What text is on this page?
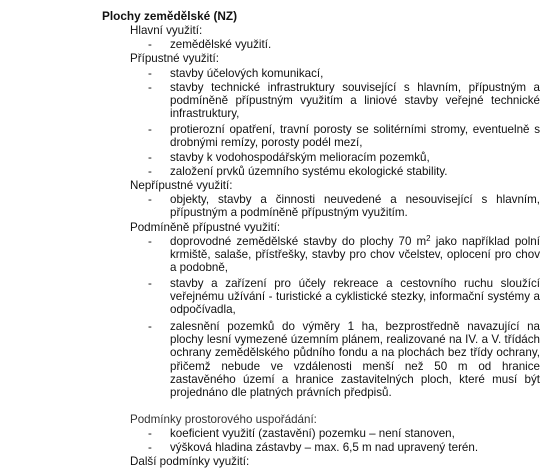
Plochy zemědělské (NZ)
Hlavní využití:
- zemědělské využití.
Přípustné využití:
- stavby účelových komunikací,
- stavby technické infrastruktury související s hlavním, přípustným a podmíněně přípustným využitím a liniové stavby veřejné technické infrastruktury,
- protierozní opatření, travní porosty se solitérními stromy, eventuelně s drobnými remízy, porosty podél mezí,
- stavby k vodohospodářským melioracím pozemků,
- založení prvků územního systému ekologické stability.
Nepřípustné využití:
- objekty, stavby a činnosti neuvedené a nesouvisející s hlavním, přípustným a podmíněně přípustným využitím.
Podmíněně přípustné využití:
- doprovodné zemědělské stavby do plochy 70 $m^2$ jako například polní krmiště, salaše, přístřešky, stavby pro chov včelstev, oplocení pro chov a podobně,
- stavby a zařízení pro účely rekreace a cestovního ruchu sloužící veřejnému užívání - turistické a cyklistické stezky, informační systémy a odpočívadla,
- zalesnění pozemků do výměry 1 ha, bezprostředně navazující na plochy lesní vymezené územním plánem, realizované na IV. a V. třídách ochrany zemědělského půdního fondu a na plochách bez třídy ochrany, přičemž nebude ve vzdálenosti menší než 50 m od hranice zastavěného území a hranice zastavitelných ploch, které musí být projednáno dle platných právních předpisů.
Podmínky prostorového uspořádání:
- koeficient využití (zastavění) pozemku – není stanoven,
- výšková hladina zástavby – max. 6,5 m nad upravený terén.
Další podmínky využití:
